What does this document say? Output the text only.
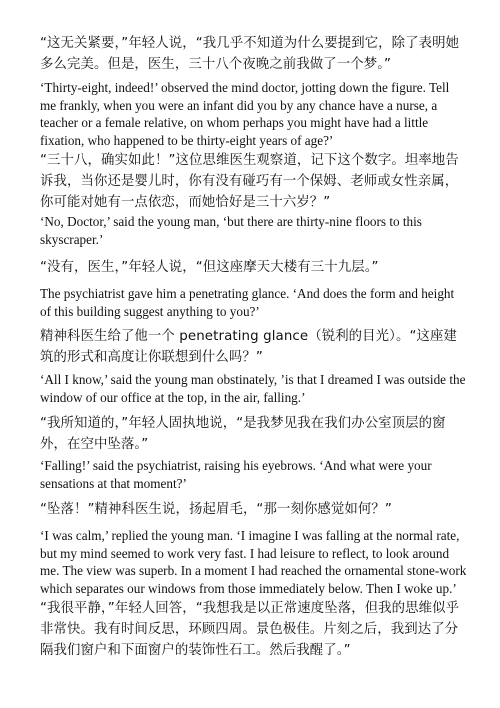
“这无关紧要，”年轻人说，“我几乎不知道为什么要提到它，除了表明她多么完美。但是，医生，三十八个夜晚之前我做了一个梦。”

‘Thirty-eight, indeed!’ observed the mind doctor, jotting down the figure. Tell me frankly, when you were an infant did you by any chance have a nurse, a teacher or a female relative, on whom perhaps you might have had a little fixation, who happened to be thirty-eight years of age?’

“三十八，确实如此！”这位思维医生观察道，记下这个数字。坦率地告诉我，当你还是婴儿时，你有没有碰巧有一个保姆、老师或女性亲属，你可能对她有一点依恋，而她恰好是三十六岁？”

‘No, Doctor,’ said the young man, ‘but there are thirty-nine floors to this skyscraper.’

“没有，医生，”年轻人说，“但这座摩天大楼有三十九层。”

The psychiatrist gave him a penetrating glance. ‘And does the form and height of this building suggest anything to you?’

精神科医生给了他一个 penetrating glance（锐利的目光）。“这座建筑的形式和高度让你联想到什么吗？”

‘All I know,’ said the young man obstinately, ’is that I dreamed I was outside the window of our office at the top, in the air, falling.’

“我所知道的，”年轻人固执地说，“是我梦见我在我们办公室顶层的窗外，在空中坠落。”

‘Falling!’ said the psychiatrist, raising his eyebrows. ‘And what were your sensations at that moment?’

“坠落！”精神科医生说，扬起眉毛，“那一刻你感觉如何？”

‘I was calm,’ replied the young man. ‘I imagine I was falling at the normal rate, but my mind seemed to work very fast. I had leisure to reflect, to look around me. The view was superb. In a moment I had reached the ornamental stone-work which separates our windows from those immediately below. Then I woke up.’

“我很平静，”年轻人回答，“我想我是以正常速度坠落，但我的思维似乎非常快。我有时间反思，环顾四周。景色极佳。片刻之后，我到达了分隔我们窗户和下面窗户的装饰性石工。然后我醒了。”
